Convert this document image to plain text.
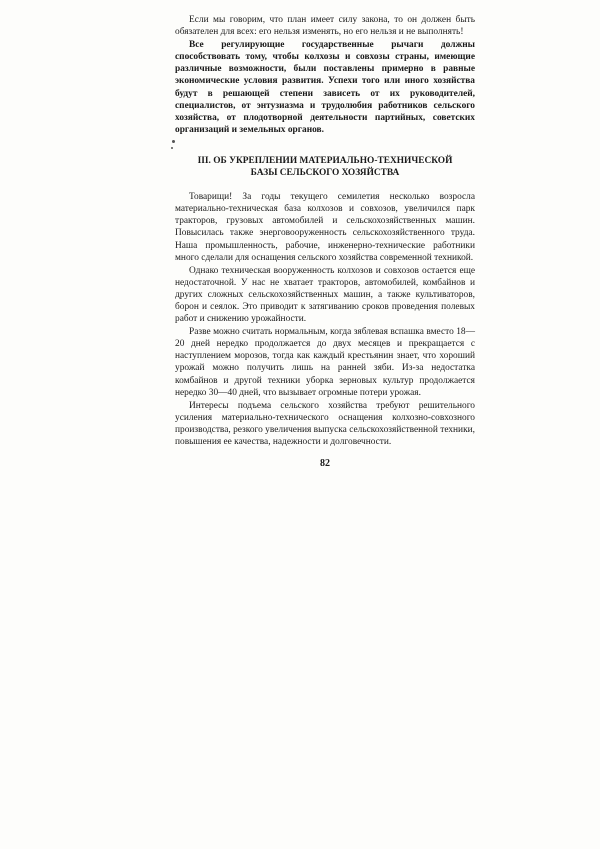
Если мы говорим, что план имеет силу закона, то он должен быть обязателен для всех: его нельзя изменять, но его нельзя и не выполнять!

Все регулирующие государственные рычаги должны способствовать тому, чтобы колхозы и совхозы страны, имеющие различные возможности, были поставлены примерно в равные экономические условия развития. Успехи того или иного хозяйства будут в решающей степени зависеть от их руководителей, специалистов, от энтузиазма и трудолюбия работников сельского хозяйства, от плодотворной деятельности партийных, советских организаций и земельных органов.

III. ОБ УКРЕПЛЕНИИ МАТЕРИАЛЬНО-ТЕХНИЧЕСКОЙ БАЗЫ СЕЛЬСКОГО ХОЗЯЙСТВА

Товарищи! За годы текущего семилетия несколько возросла материально-техническая база колхозов и совхозов, увеличился парк тракторов, грузовых автомобилей и сельскохозяйственных машин. Повысилась также энерговооруженность сельскохозяйственного труда. Наша промышленность, рабочие, инженерно-технические работники много сделали для оснащения сельского хозяйства современной техникой.

Однако техническая вооруженность колхозов и совхозов остается еще недостаточной. У нас не хватает тракторов, автомобилей, комбайнов и других сложных сельскохозяйственных машин, а также культиваторов, борон и сеялок. Это приводит к затягиванию сроков проведения полевых работ и снижению урожайности.

Разве можно считать нормальным, когда зяблевая вспашка вместо 18—20 дней нередко продолжается до двух месяцев и прекращается с наступлением морозов, тогда как каждый крестьянин знает, что хороший урожай можно получить лишь на ранней зяби. Из-за недостатка комбайнов и другой техники уборка зерновых культур продолжается нередко 30—40 дней, что вызывает огромные потери урожая.

Интересы подъема сельского хозяйства требуют решительного усиления материально-технического оснащения колхозно-совхозного производства, резкого увеличения выпуска сельскохозяйственной техники, повышения ее качества, надежности и долговечности.

82
